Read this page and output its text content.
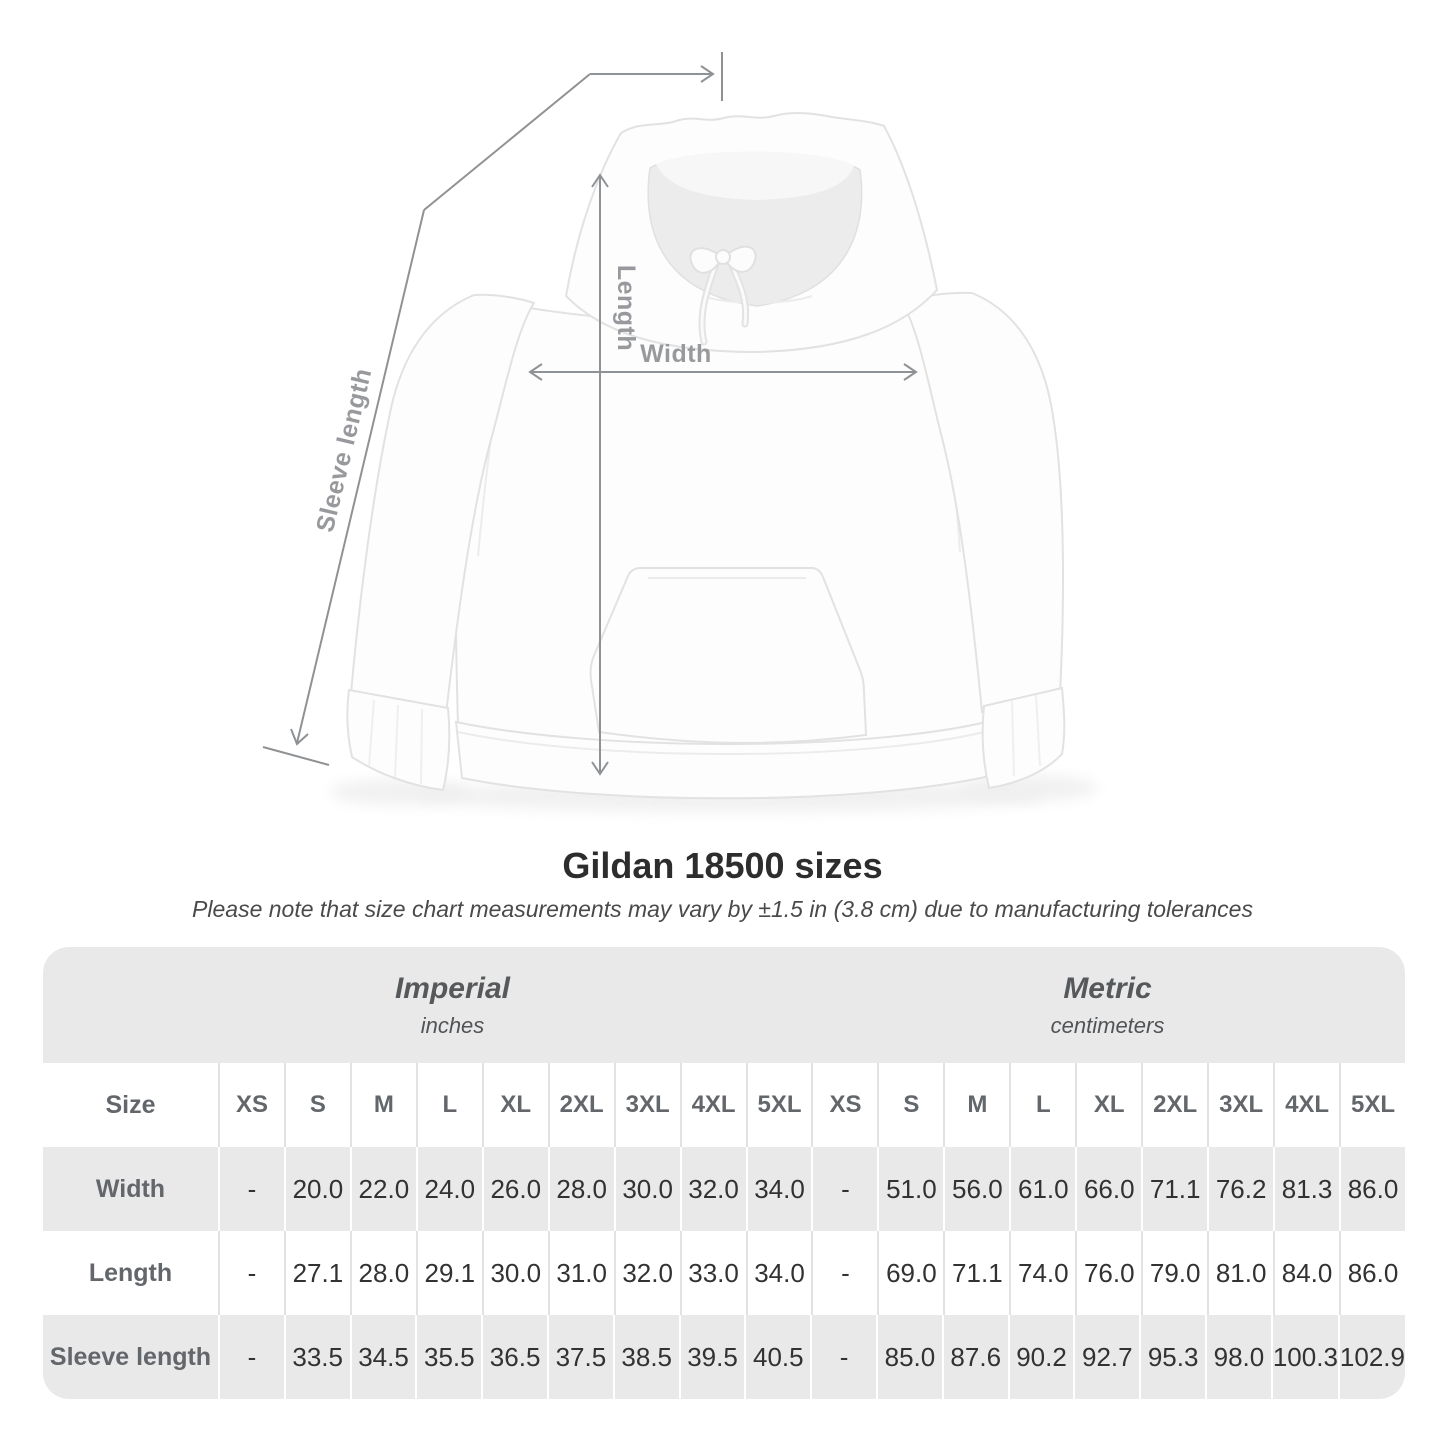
Width
Length
Sleeve length
Gildan 18500 sizes
Please note that size chart measurements may vary by ±1.5 in (3.8 cm) due to manufacturing tolerances
Imperial
inches
Metric
centimeters
Size	XS	S	M	L	XL	2XL 3XL 4XL 5XL	XS	S	M	L	XL	2XL 3XL 4XL 5XL
Width	-	20.0 22.0 24.0 26.0 28.0 30.0 32.0 34.0	-	51.0 56.0 61.0 66.0 71.1 76.2 81.3 86.0
Length	-	27.1 28.0 29.1 30.0 31.0 32.0 33.0 34.0	-	69.0 71.1 74.0 76.0 79.0 81.0 84.0 86.0
Sleeve length	-	33.5 34.5 35.5 36.5 37.5 38.5 39.5 40.5	-	85.0 87.6 90.2 92.7 95.3 98.0 100.3 102.9
